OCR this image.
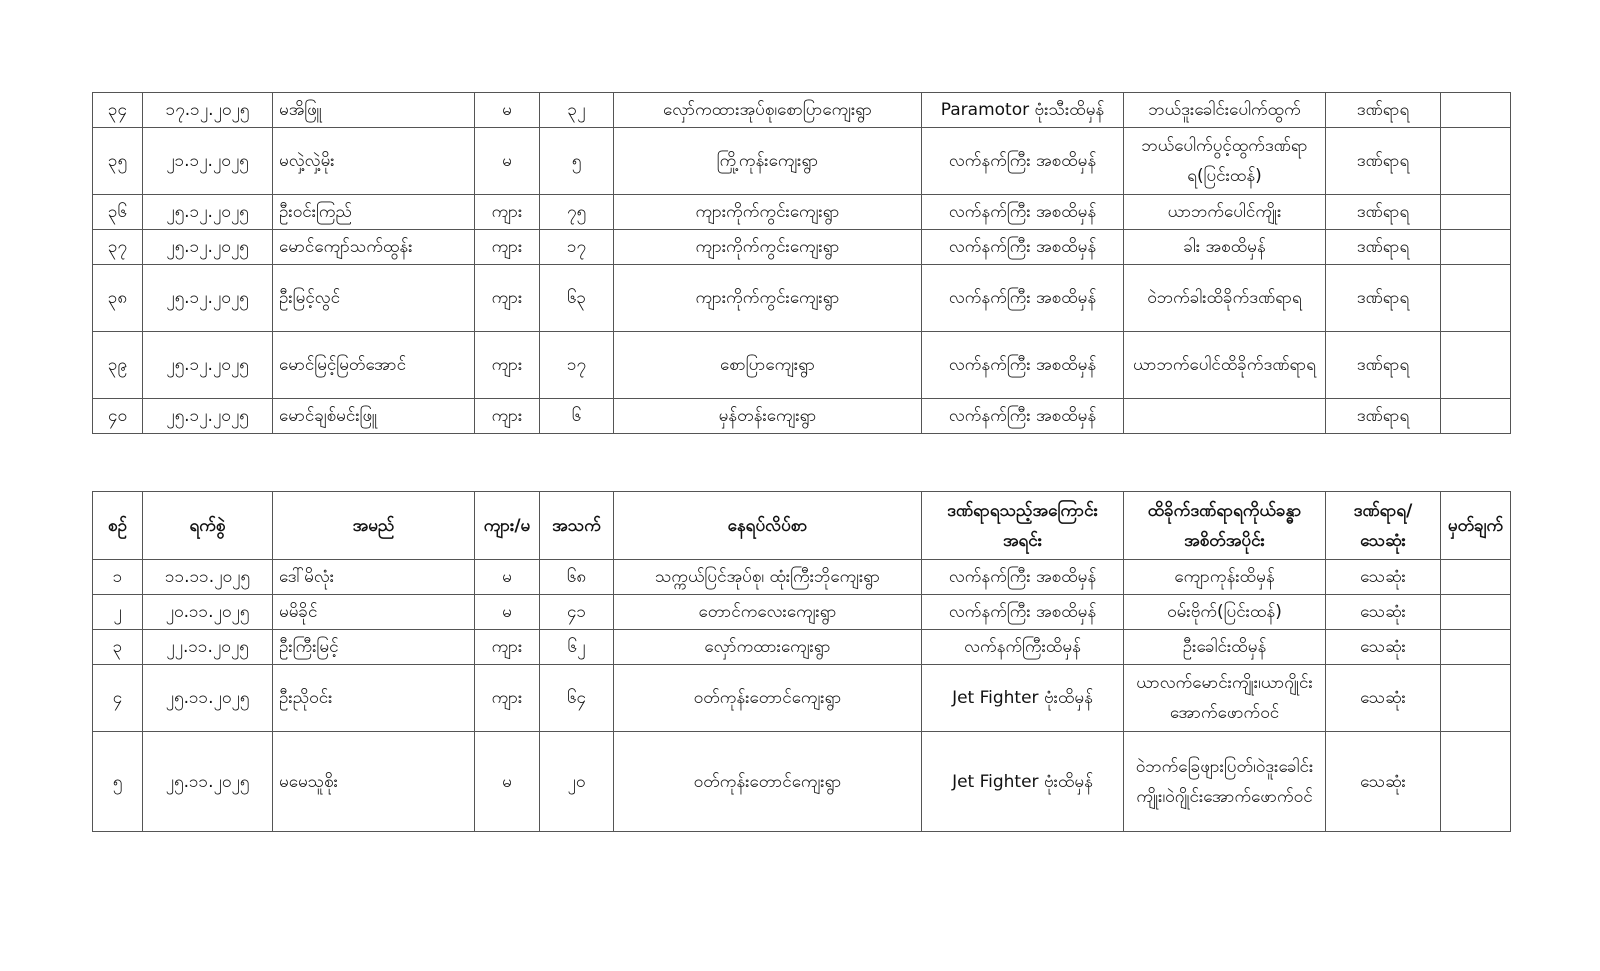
၃၄	၁၇.၁၂.၂၀၂၅	မအိဖြူ	မ	၃၂	လှော်ကထားအုပ်စု၊စောပြာကျေးရွာ	Paramotor ဗုံးသီးထိမှန်	ဘယ်ဒူးခေါင်းပေါက်ထွက်	ဒဏ်ရာရ	
၃၅	၂၁.၁၂.၂၀၂၅	မလှဲ့လှဲ့မိုး	မ	၅	ကြို့ကုန်းကျေးရွာ	လက်နက်ကြီး အစထိမှန်	ဘယ်ပေါက်ပွင့်ထွက်ဒဏ်ရာရ(ပြင်းထန်)	ဒဏ်ရာရ	
၃၆	၂၅.၁၂.၂၀၂၅	ဦးဝင်းကြည်	ကျား	၇၅	ကျားကိုက်ကွင်းကျေးရွာ	လက်နက်ကြီး အစထိမှန်	ယာဘက်ပေါင်ကျိုး	ဒဏ်ရာရ	
၃၇	၂၅.၁၂.၂၀၂၅	မောင်ကျော်သက်ထွန်း	ကျား	၁၇	ကျားကိုက်ကွင်းကျေးရွာ	လက်နက်ကြီး အစထိမှန်	ခါး အစထိမှန်	ဒဏ်ရာရ	
၃၈	၂၅.၁၂.၂၀၂၅	ဦးမြင့်လွင်	ကျား	၆၃	ကျားကိုက်ကွင်းကျေးရွာ	လက်နက်ကြီး အစထိမှန်	ဝဲဘက်ခါးထိခိုက်ဒဏ်ရာရ	ဒဏ်ရာရ	
၃၉	၂၅.၁၂.၂၀၂၅	မောင်မြင့်မြတ်အောင်	ကျား	၁၇	စောပြာကျေးရွာ	လက်နက်ကြီး အစထိမှန်	ယာဘက်ပေါင်ထိခိုက်ဒဏ်ရာရ	ဒဏ်ရာရ	
၄၀	၂၅.၁၂.၂၀၂၅	မောင်ချစ်မင်းဖြူ	ကျား	၆	မှန်တန်းကျေးရွာ	လက်နက်ကြီး အစထိမှန်		ဒဏ်ရာရ	
စဉ်	ရက်စွဲ	အမည်	ကျား/မ	အသက်	နေရပ်လိပ်စာ	ဒဏ်ရာရသည့်အကြောင်းအရင်း	ထိခိုက်ဒဏ်ရာရကိုယ်ခန္ဓာအစိတ်အပိုင်း	ဒဏ်ရာရ/သေဆုံး	မှတ်ချက်
၁	၁၁.၁၁.၂၀၂၅	ဒေါ်မိလုံး	မ	၆၈	သက္ကယ်ပြင်အုပ်စု၊ ထုံးကြီးဘိုကျေးရွာ	လက်နက်ကြီး အစထိမှန်	ကျောကုန်းထိမှန်	သေဆုံး	
၂	၂၀.၁၁.၂၀၂၅	မမိခိုင်	မ	၄၁	တောင်ကလေးကျေးရွာ	လက်နက်ကြီး အစထိမှန်	ဝမ်းဗိုက်(ပြင်းထန်)	သေဆုံး	
၃	၂၂.၁၁.၂၀၂၅	ဦးကြီးမြင့်	ကျား	၆၂	လှော်ကထားကျေးရွာ	လက်နက်ကြီးထိမှန်	ဦးခေါင်းထိမှန်	သေဆုံး	
၄	၂၅.၁၁.၂၀၂၅	ဦးညိုဝင်း	ကျား	၆၄	ဝတ်ကုန်းတောင်ကျေးရွာ	Jet Fighter ဗုံးထိမှန်	ယာလက်မောင်းကျိုး၊ယာဂျိုင်းအောက်ဖောက်ဝင်	သေဆုံး	
၅	၂၅.၁၁.၂၀၂၅	မမေသူစိုး	မ	၂၀	ဝတ်ကုန်းတောင်ကျေးရွာ	Jet Fighter ဗုံးထိမှန်	ဝဲဘက်ခြေဖျားပြတ်၊ဝဲဒူးခေါင်းကျိုး၊ဝဲဂျိုင်းအောက်ဖောက်ဝင်	သေဆုံး	
